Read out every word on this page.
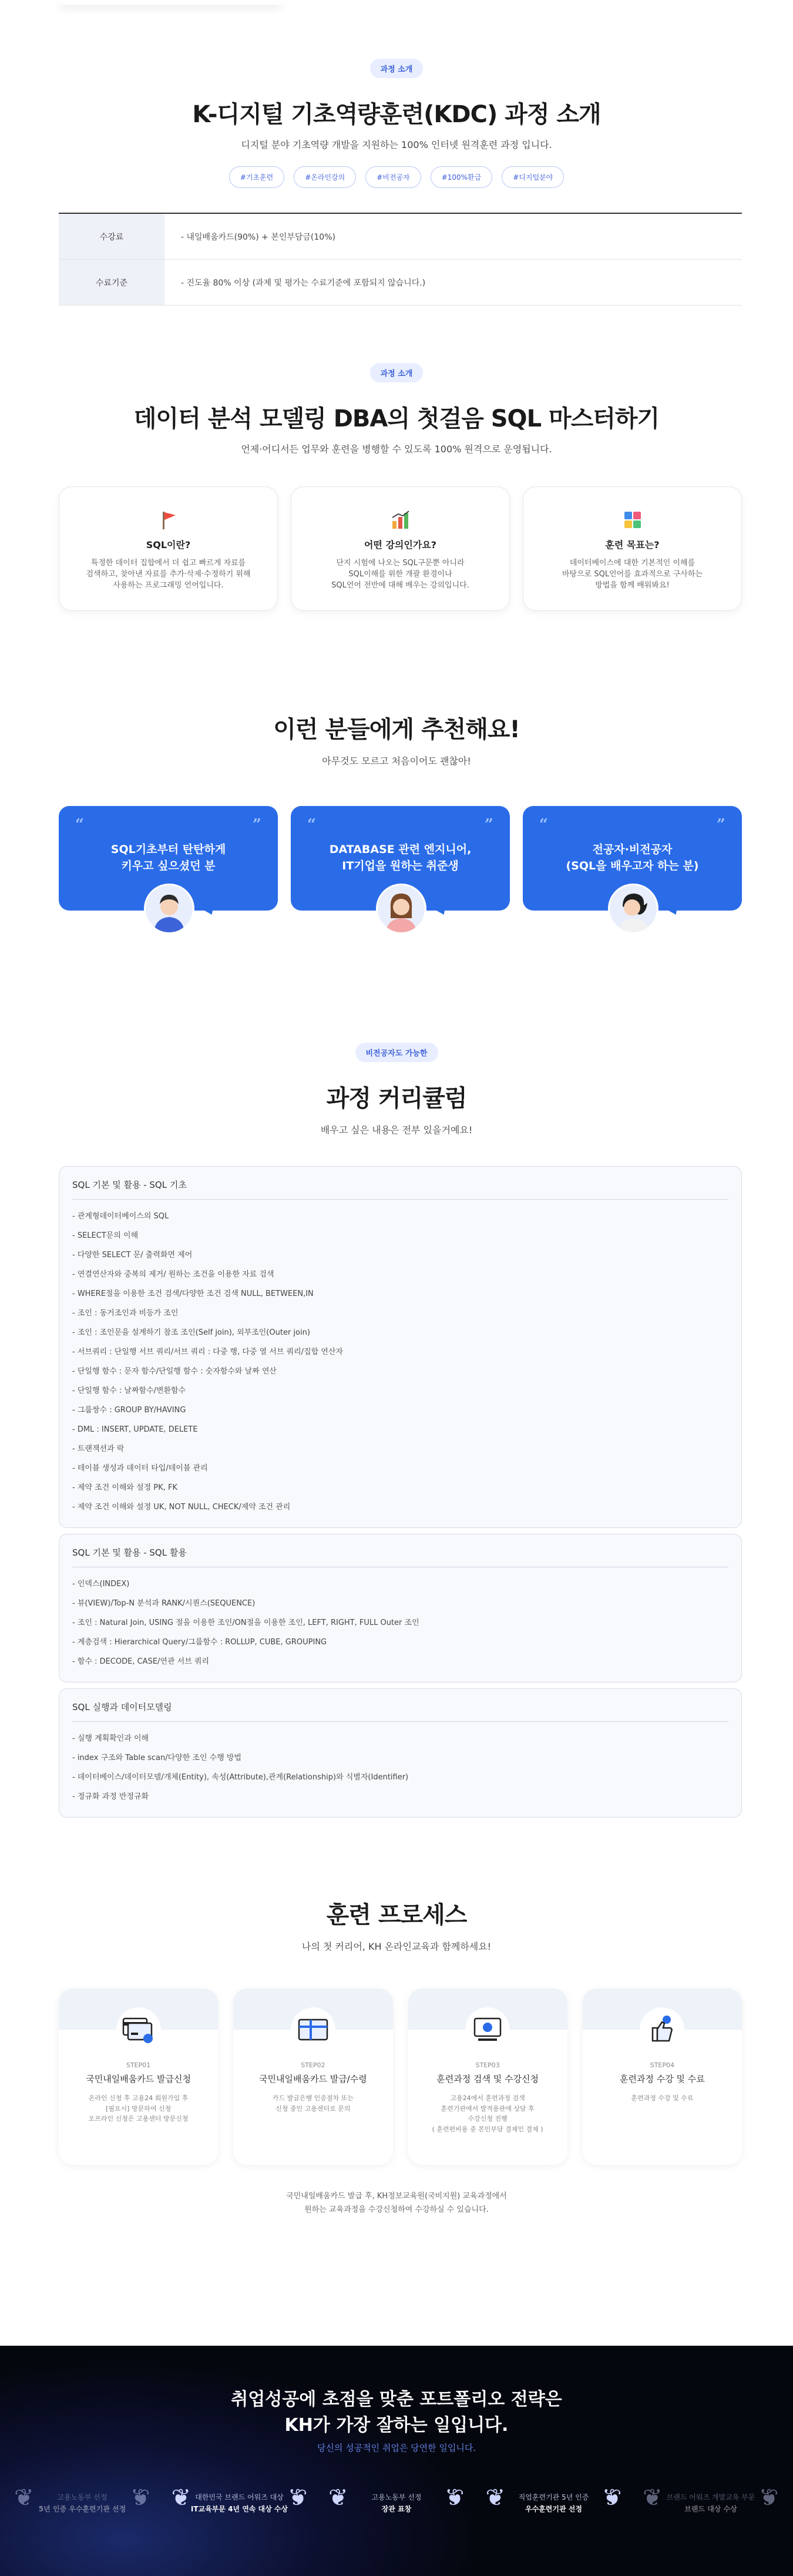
과정 소개
K-디지털 기초역량훈련(KDC) 과정 소개
디지털 분야 기초역량 개발을 지원하는 100% 인터넷 원격훈련 과정 입니다.
#기초훈련	#온라인강의	#비전공자	#100%환급	#디지털분야
수강료	- 내일배움카드(90%) + 본인부담금(10%)
수료기준	- 진도율 80% 이상 (과제 및 평가는 수료기준에 포함되지 않습니다.)
과정 소개
데이터 분석 모델링 DBA의 첫걸음 SQL 마스터하기
언제·어디서든 업무와 훈련을 병행할 수 있도록 100% 원격으로 운영됩니다.
SQL이란?
특정한 데이터 집합에서 더 쉽고 빠르게 자료를
검색하고, 찾아낸 자료를 추가·삭제·수정하기 위해
사용하는 프로그래밍 언어입니다.
어떤 강의인가요?
단지 시험에 나오는 SQL구문뿐 아니라
SQL이해를 위한 개괄 환경이나
SQL언어 전반에 대해 배우는 강의입니다.
훈련 목표는?
데이터베이스에 대한 기본적인 이해를
바탕으로 SQL언어를 효과적으로 구사하는
방법을 함께 배워봐요!
이런 분들에게 추천해요!
아무것도 모르고 처음이어도 괜찮아!
“
SQL기초부터 탄탄하게
키우고 싶으셨던 분
”	“
DATABASE 관련 엔지니어,
IT기업을 원하는 취준생
”	“
전공자·비전공자
(SQL을 배우고자 하는 분)
”
비전공자도 가능한
과정 커리큘럼
배우고 싶은 내용은 전부 있을거예요!
SQL 기본 및 활용 - SQL 기초
- 관계형데이터베이스의 SQL
- SELECT문의 이해
- 다양한 SELECT 문/ 출력화면 제어
- 연결연산자와 중복의 제거/ 원하는 조건을 이용한 자료 검색
- WHERE절을 이용한 조건 검색/다양한 조건 검색 NULL, BETWEEN,IN
- 조인 : 동거조인과 비등가 조인
- 조인 : 조인문을 설계하기 참조 조인(Self join), 외부조인(Outer join)
- 서브쿼리 : 단일행 서브 쿼리/서브 쿼리 : 다중 행, 다중 열 서브 쿼리/집합 연산자
- 단일행 함수 : 문자 함수/단일행 함수 : 숫자함수와 날짜 연산
- 단일행 함수 : 날짜함수/변환함수
- 그룹쌍수 : GROUP BY/HAVING
- DML : INSERT, UPDATE, DELETE
- 트랜잭션과 락
- 테이블 생성과 데이터 타입/테이블 관리
- 제약 조건 이해와 설정 PK, FK
- 제약 조건 이해와 설정 UK, NOT NULL, CHECK/제약 조건 관리
SQL 기본 및 활용 - SQL 활용
- 인덱스(INDEX)
- 뷰(VIEW)/Top-N 분석과 RANK/시퀀스(SEQUENCE)
- 조인 : Natural Join, USING 절을 이용한 조인/ON절을 이용한 조인, LEFT, RIGHT, FULL Outer 조인
- 계층검색 : Hierarchical Query/그룹함수 : ROLLUP, CUBE, GROUPING
- 함수 : DECODE, CASE/연관 서브 쿼리
SQL 실행과 데이터모델링
- 실행 계획확인과 이해
- index 구조와 Table scan/다양한 조인 수행 방법
- 데이터베이스/데이터모델/개체(Entity), 속성(Attribute),관계(Relationship)와 식별자(Identifier)
- 정규화 과정 반정규화
훈련 프로세스
나의 첫 커리어, KH 온라인교육과 함께하세요!
STEP01
국민내일배움카드 발급신청
온라인 신청 후 고용24 회원가입 후
[필요시] 방문하여 신청
오프라인 신청은 고용센터 방문신청
STEP02
국민내일배움카드 발급/수령
카드 발급은행 인증절차 또는
신청 중인 고용센터로 문의
STEP03
훈련과정 검색 및 수강신청
고용24에서 훈련과정 검색
훈련기관에서 발적용관에 상담 후
수강신청 진행
( 훈련편비용 중 본인부담 결제인 결제 )
STEP04
훈련과정 수강 및 수료
훈련과정 수강 및 수료
국민내일배움카드 발급 후, KH정보교육원(국비지원) 교육과정에서
원하는 교육과정을 수강신청하여 수강하실 수 있습니다.
취업성공에 초점을 맞춘 포트폴리오 전략은
KH가 가장 잘하는 일입니다.
당신의 성공적인 취업은 당연한 일입니다.
❦	고용노동부 선정
5년 인증 우수훈련기관 선정 ❦ ❦ 대한민국 브랜드 어워즈 대상
IT교육부문 4년 연속 대상 수상 ❦ ❦	고용노동부 선정
장관 표창	❦ ❦ 직업훈련기관 5년 인증
우수훈련기관 선정 ❦ ❦ 브랜드 어워즈 개발교육 부문
브랜드 대상 수상 ❦
